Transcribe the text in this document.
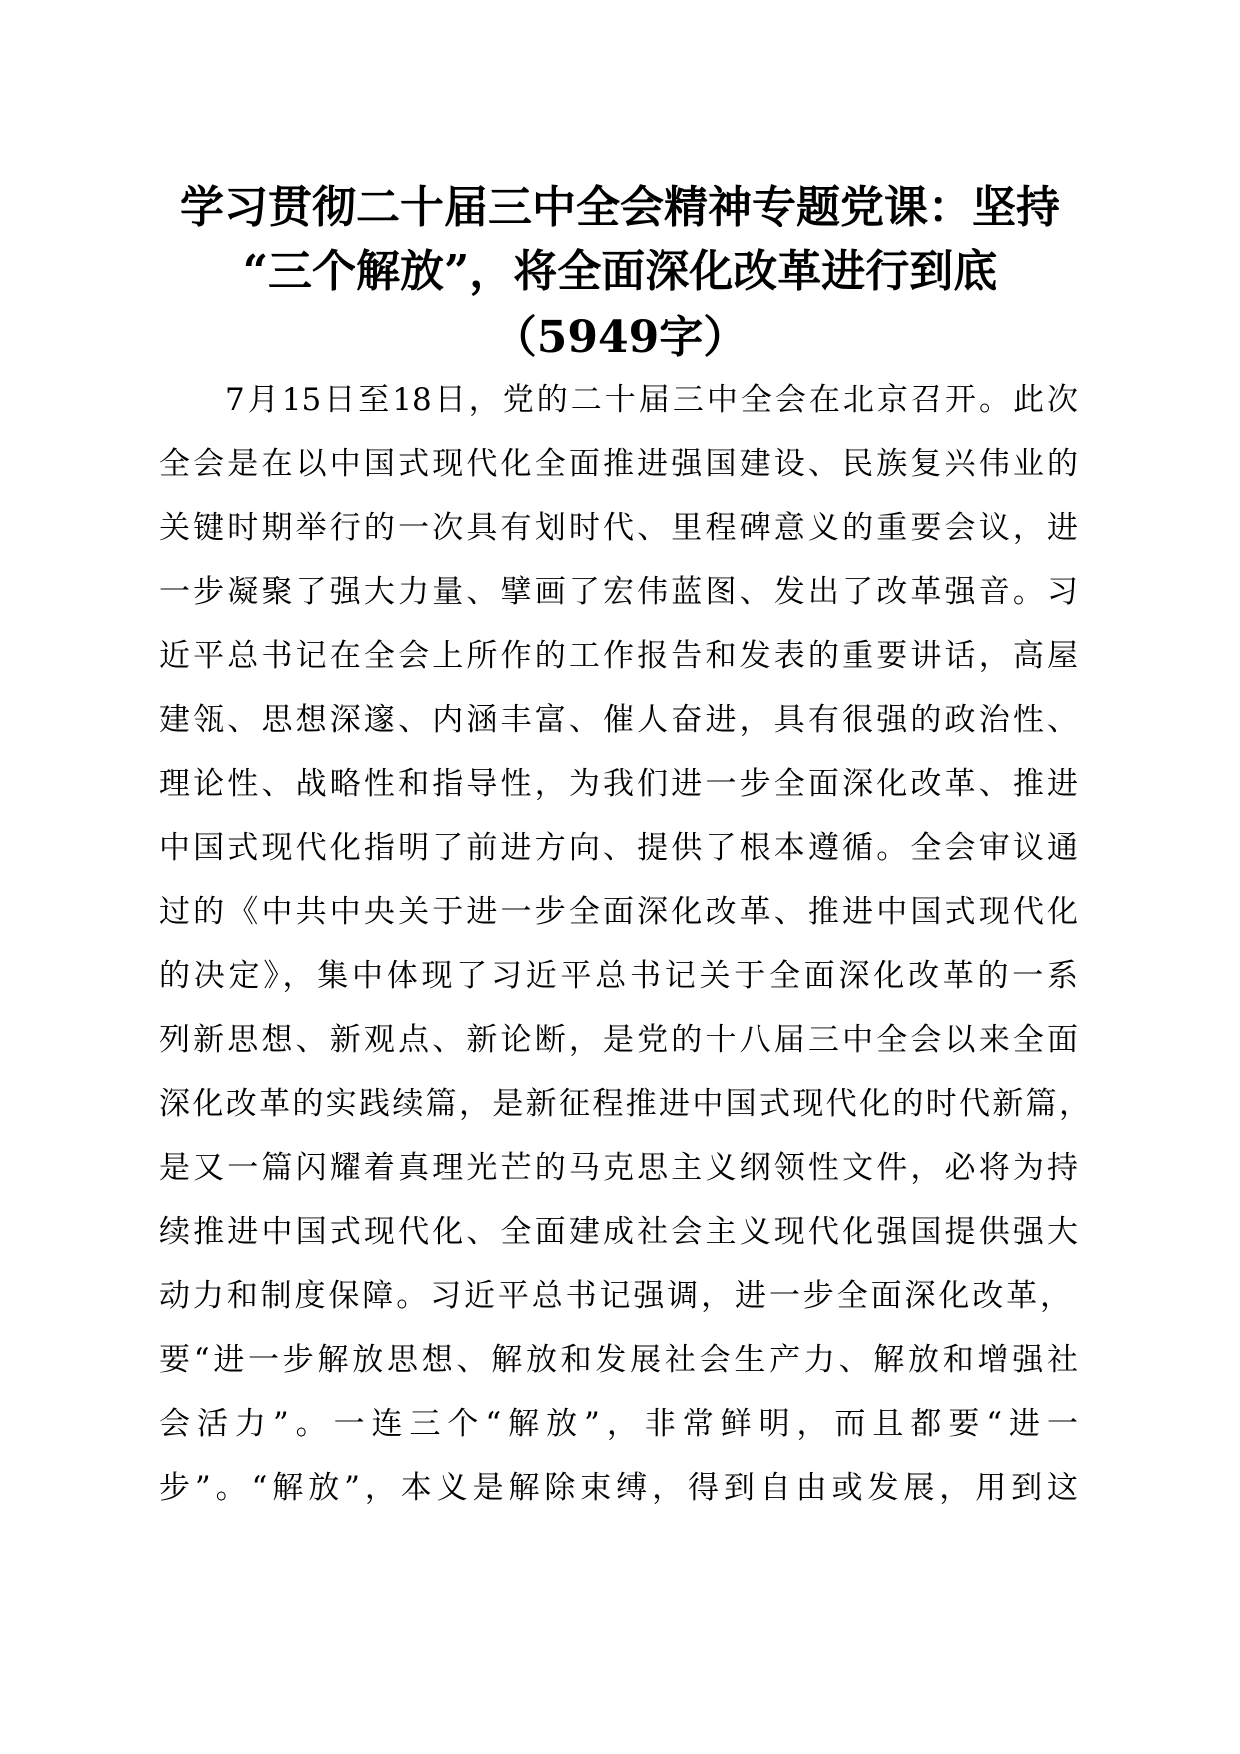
学习贯彻二十届三中全会精神专题党课：坚持
“三个解放”，将全面深化改革进行到底
（5949字）

7月15日至18日，党的二十届三中全会在北京召开。此次

全会是在以中国式现代化全面推进强国建设、民族复兴伟业的

关键时期举行的一次具有划时代、里程碑意义的重要会议，进

一步凝聚了强大力量、擘画了宏伟蓝图、发出了改革强音。习

近平总书记在全会上所作的工作报告和发表的重要讲话，高屋

建瓴、思想深邃、内涵丰富、催人奋进，具有很强的政治性、

理论性、战略性和指导性，为我们进一步全面深化改革、推进

中国式现代化指明了前进方向、提供了根本遵循。全会审议通

过的《中共中央关于进一步全面深化改革、推进中国式现代化

的决定》，集中体现了习近平总书记关于全面深化改革的一系

列新思想、新观点、新论断，是党的十八届三中全会以来全面

深化改革的实践续篇，是新征程推进中国式现代化的时代新篇，

是又一篇闪耀着真理光芒的马克思主义纲领性文件，必将为持

续推进中国式现代化、全面建成社会主义现代化强国提供强大

动力和制度保障。习近平总书记强调，进一步全面深化改革，

要“进一步解放思想、解放和发展社会生产力、解放和增强社

会活力”。一连三个“解放”，非常鲜明，而且都要“进一

步”。“解放”，本义是解除束缚，得到自由或发展，用到这
